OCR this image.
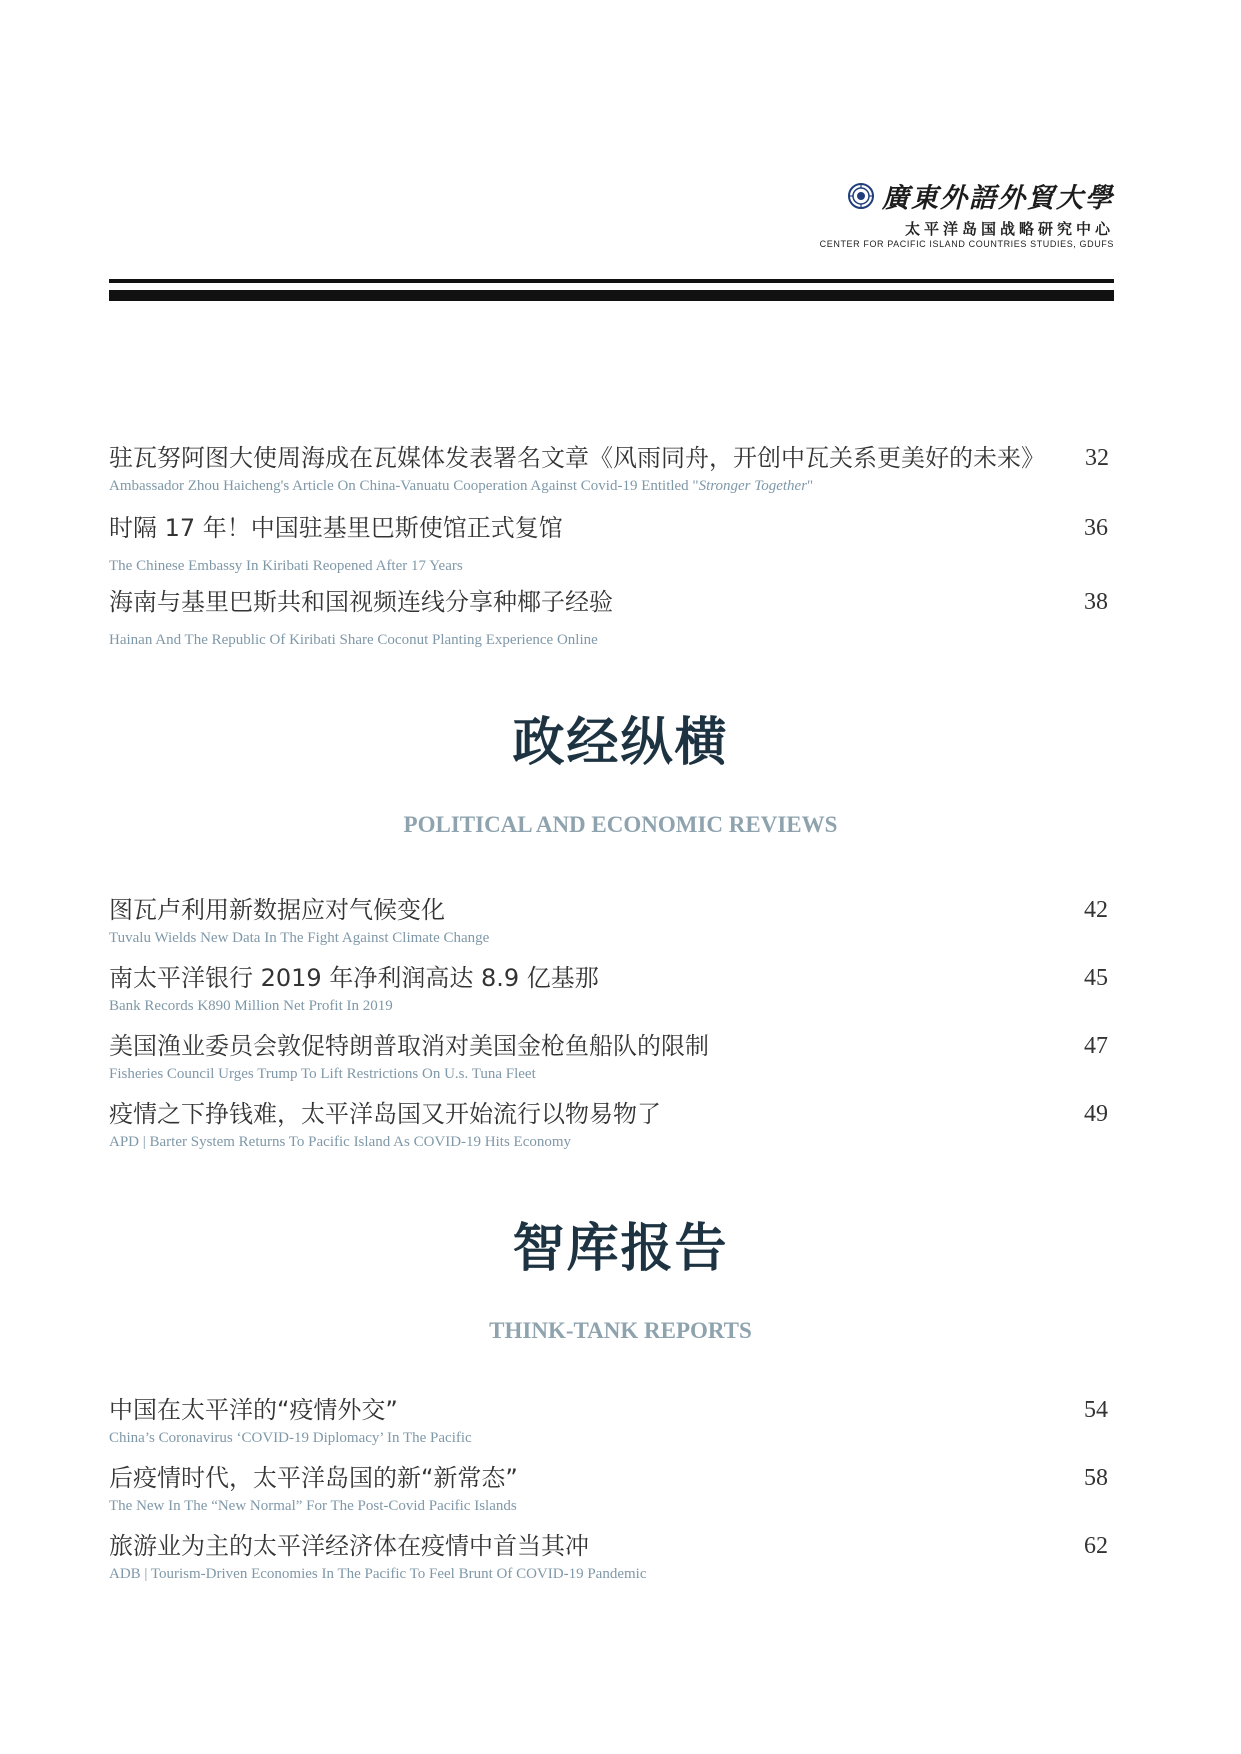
廣東外語外貿大學
太平洋岛国战略研究中心
CENTER FOR PACIFIC ISLAND COUNTRIES STUDIES, GDUFS
驻瓦努阿图大使周海成在瓦媒体发表署名文章《风雨同舟，开创中瓦关系更美好的未来》
Ambassador Zhou Haicheng's Article On China-Vanuatu Cooperation Against Covid-19 Entitled "Stronger Together"
32
时隔 17 年！中国驻基里巴斯使馆正式复馆
The Chinese Embassy In Kiribati Reopened After 17 Years
36
海南与基里巴斯共和国视频连线分享种椰子经验
Hainan And The Republic Of Kiribati Share Coconut Planting Experience Online
38
政经纵横
POLITICAL AND ECONOMIC REVIEWS
图瓦卢利用新数据应对气候变化
Tuvalu Wields New Data In The Fight Against Climate Change
42
南太平洋银行 2019 年净利润高达 8.9 亿基那
Bank Records K890 Million Net Profit In 2019
45
美国渔业委员会敦促特朗普取消对美国金枪鱼船队的限制
Fisheries Council Urges Trump To Lift Restrictions On U.s. Tuna Fleet
47
疫情之下挣钱难，太平洋岛国又开始流行以物易物了
APD | Barter System Returns To Pacific Island As COVID-19 Hits Economy
49
智库报告
THINK-TANK REPORTS
中国在太平洋的“疫情外交”
China’s Coronavirus ‘COVID-19 Diplomacy’ In The Pacific
54
后疫情时代，太平洋岛国的新“新常态”
The New In The “New Normal” For The Post-Covid Pacific Islands
58
旅游业为主的太平洋经济体在疫情中首当其冲
ADB | Tourism-Driven Economies In The Pacific To Feel Brunt Of COVID-19 Pandemic
62
